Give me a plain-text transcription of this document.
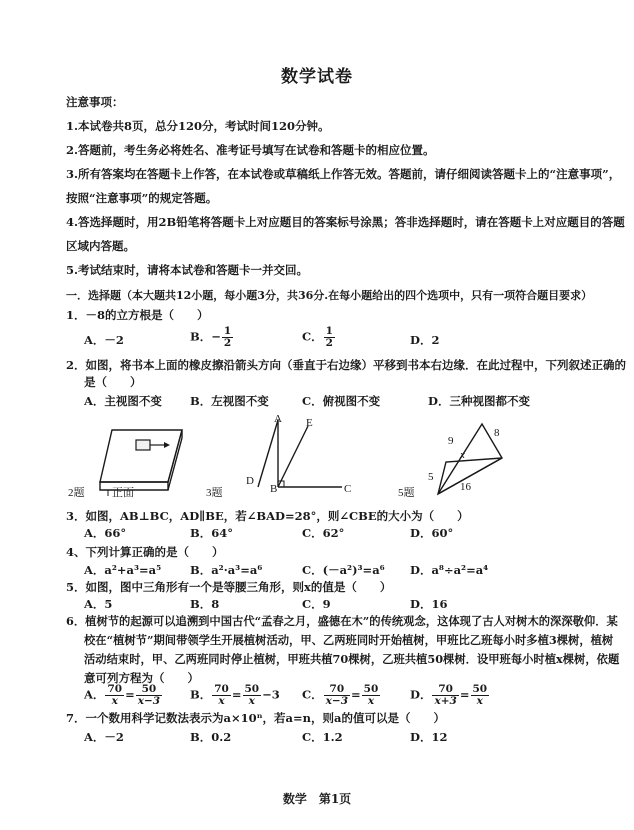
数学试卷
注意事项：
1.本试卷共8页，总分120分，考试时间120分钟。
2.答题前，考生务必将姓名、准考证号填写在试卷和答题卡的相应位置。
3.所有答案均在答题卡上作答，在本试卷或草稿纸上作答无效。答题前，请仔细阅读答题卡上的“注意事项”，
按照“注意事项”的规定答题。
4.答选择题时，用2B铅笔将答题卡上对应题目的答案标号涂黑；答非选择题时，请在答题卡上对应题目的答题
区域内答题。
5.考试结束时，请将本试卷和答题卡一并交回。
一．选择题（本大题共12小题，每小题3分，共36分.在每小题给出的四个选项中，只有一项符合题目要求）
1．－8的立方根是（　　）
A．－2	B．− $\frac{1}{2}$	C． $\frac{1}{2}$	D．2
2．如图，将书本上面的橡皮擦沿箭头方向（垂直于右边缘）平移到书本右边缘．在此过程中，下列叙述正确的
是（　　）
A．主视图不变 B．左视图不变	C．俯视图不变	D．三种视图都不变
2题	正面
A E
D
B	C
3题
9
8
5
16
x
5题
3．如图，AB⊥BC，AD∥BE，若∠BAD=28°，则∠CBE的大小为（　　）
A．66°	B．64°	C．62°	D．60°
4、下列计算正确的是（　　）
A．a²+a³=a⁵	B．a²·a³=a⁶	C．(－a²)³=a⁶ D．a⁸÷a²=a⁴
5．如图，图中三角形有一个是等腰三角形，则x的值是（　　）
A．5	B．8	C．9	D．16
6．植树节的起源可以追溯到中国古代“孟春之月，盛德在木”的传统观念，这体现了古人对树木的深深敬仰．某
校在“植树节”期间带领学生开展植树活动，甲、乙两班同时开始植树，甲班比乙班每小时多植3棵树，植树
活动结束时，甲、乙两班同时停止植树，甲班共植70棵树，乙班共植50棵树．设甲班每小时植x棵树，依题
意可列方程为（　　）
A． $\frac{70}{x} = \frac{50}{x-3}$ B． $\frac{70}{x} = \frac{50}{x} -3$ C． $\frac{70}{x-3} = \frac{50}{x}$	D． $\frac{70}{x+3} = \frac{50}{x}$
7．一个数用科学记数法表示为a×10ⁿ，若a=n，则a的值可以是（　　）
A．－2	B．0.2	C．1.2	D．12
数学　第1页
